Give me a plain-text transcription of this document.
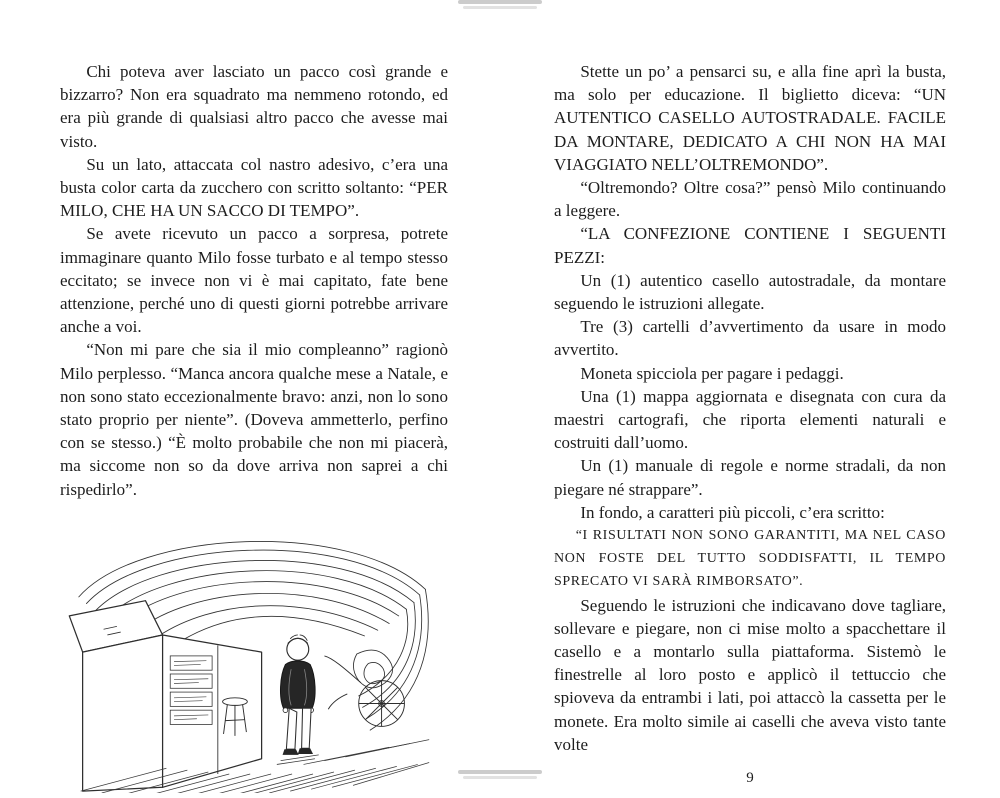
Chi poteva aver lasciato un pacco così grande e bizzarro? Non era squadrato ma nemmeno rotondo, ed era più grande di qualsiasi altro pacco che avesse mai visto.

Su un lato, attaccata col nastro adesivo, c’era una busta color carta da zucchero con scritto soltanto: “PER MILO, CHE HA UN SACCO DI TEMPO”.

Se avete ricevuto un pacco a sorpresa, potrete immaginare quanto Milo fosse turbato e al tempo stesso eccitato; se invece non vi è mai capitato, fate bene attenzione, perché uno di questi giorni potrebbe arrivare anche a voi.

“Non mi pare che sia il mio compleanno” ragionò Milo perplesso. “Manca ancora qualche mese a Natale, e non sono stato eccezionalmente bravo: anzi, non lo sono stato proprio per niente”. (Doveva ammetterlo, perfino con se stesso.) “È molto probabile che non mi piacerà, ma siccome non so da dove arriva non saprei a chi rispedirlo”.

Stette un po’ a pensarci su, e alla fine aprì la busta, ma solo per educazione. Il biglietto diceva: “UN AUTENTICO CASELLO AUTOSTRADALE. FACILE DA MONTARE, DEDICATO A CHI NON HA MAI VIAGGIATO NELL’OLTREMONDO”.

“Oltremondo? Oltre cosa?” pensò Milo continuando a leggere.

“LA CONFEZIONE CONTIENE I SEGUENTI PEZZI:

Un (1) autentico casello autostradale, da montare seguendo le istruzioni allegate.

Tre (3) cartelli d’avvertimento da usare in modo avvertito.

Moneta spicciola per pagare i pedaggi.

Una (1) mappa aggiornata e disegnata con cura da maestri cartografi, che riporta elementi naturali e costruiti dall’uomo.

Un (1) manuale di regole e norme stradali, da non piegare né strappare”.

In fondo, a caratteri più piccoli, c’era scritto:

“I RISULTATI NON SONO GARANTITI, MA NEL CASO NON FOSTE DEL TUTTO SODDISFATTI, IL TEMPO SPRECATO VI SARÀ RIMBORSATO”.

Seguendo le istruzioni che indicavano dove tagliare, sollevare e piegare, non ci mise molto a spacchettare il casello e a montarlo sulla piattaforma. Sistemò le finestrelle al loro posto e applicò il tettuccio che spioveva da entrambi i lati, poi attaccò la cassetta per le monete. Era molto simile ai caselli che aveva visto tante volte

9
